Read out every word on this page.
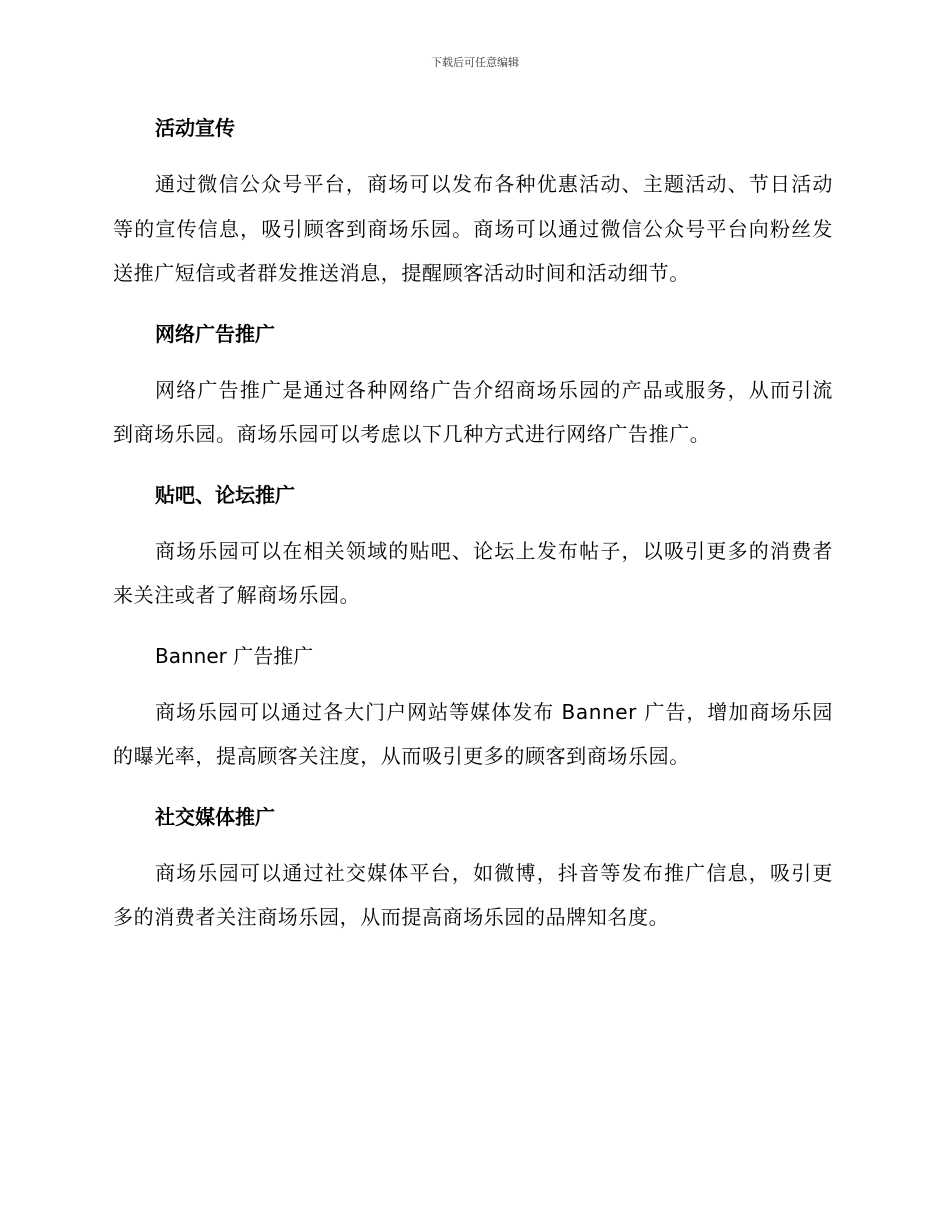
下载后可任意编辑
活动宣传

通过微信公众号平台，商场可以发布各种优惠活动、主题活动、节日活动等的宣传信息，吸引顾客到商场乐园。商场可以通过微信公众号平台向粉丝发送推广短信或者群发推送消息，提醒顾客活动时间和活动细节。

网络广告推广

网络广告推广是通过各种网络广告介绍商场乐园的产品或服务，从而引流到商场乐园。商场乐园可以考虑以下几种方式进行网络广告推广。

贴吧、论坛推广

商场乐园可以在相关领域的贴吧、论坛上发布帖子，以吸引更多的消费者来关注或者了解商场乐园。

Banner 广告推广

商场乐园可以通过各大门户网站等媒体发布 Banner 广告，增加商场乐园的曝光率，提高顾客关注度，从而吸引更多的顾客到商场乐园。

社交媒体推广

商场乐园可以通过社交媒体平台，如微博，抖音等发布推广信息，吸引更多的消费者关注商场乐园，从而提高商场乐园的品牌知名度。
